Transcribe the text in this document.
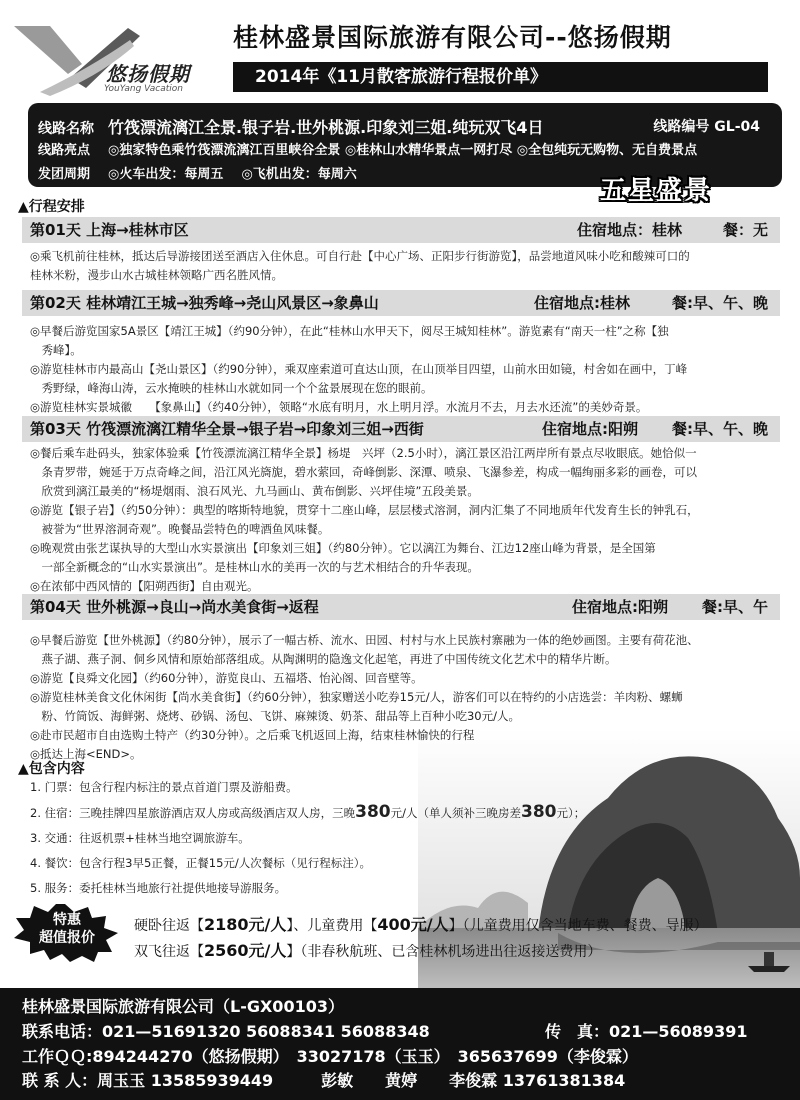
悠扬假期
YouYang Vacation
桂林盛景国际旅游有限公司--悠扬假期
2014年《11月散客旅游行程报价单》
线路名称 竹筏漂流漓江全景.银子岩.世外桃源.印象刘三姐.纯玩双飞4日	线路编号 GL-04
线路亮点 ◎独家特色乘竹筏漂流漓江百里峡谷全景 ◎桂林山水精华景点一网打尽 ◎全包纯玩无购物、无自费景点
发团周期 ◎火车出发：每周五 ◎飞机出发：每周六
五星盛景
▲行程安排
第01天 上海→桂林市区	住宿地点：桂林	餐：无
◎乘飞机前往桂林，抵达后导游接团送至酒店入住休息。可自行赴【中心广场、正阳步行街游览】，品尝地道风味小吃和酸辣可口的
桂林米粉，漫步山水古城桂林领略广西名胜风情。
第02天 桂林靖江王城→独秀峰→尧山风景区→象鼻山	住宿地点:桂林	餐:早、午、晚
◎早餐后游览国家5A景区【靖江王城】（约90分钟），在此“桂林山水甲天下，阅尽王城知桂林”。游览素有“南天一柱”之称【独
　秀峰】。
◎游览桂林市内最高山【尧山景区】（约90分钟），乘双座索道可直达山顶，在山顶举目四望，山前水田如镜，村舍如在画中，丁峰
　秀野绿，峰海山涛，云水掩映的桂林山水就如同一个个盆景展现在您的眼前。
◎游览桂林实景城徽　　【象鼻山】（约40分钟），领略“水底有明月，水上明月浮。水流月不去，月去水还流”的美妙奇景。
第03天 竹筏漂流漓江精华全景→银子岩→印象刘三姐→西街	住宿地点:阳朔 餐:早、午、晚
◎餐后乘车赴码头，独家体验乘【竹筏漂流漓江精华全景】杨堤　兴坪（2.5小时），漓江景区沿江两岸所有景点尽收眼底。她恰似一
　条青罗带，婉延于万点奇峰之间，沿江风光旖旎，碧水萦回，奇峰倒影、深潭、喷泉、飞瀑参差，构成一幅绚丽多彩的画卷，可以
　欣赏到漓江最美的“杨堤烟雨、浪石风光、九马画山、黄布倒影、兴坪佳境”五段美景。
◎游览【银子岩】（约50分钟）：典型的喀斯特地貌，贯穿十二座山峰，层层楼式溶洞，洞内汇集了不同地质年代发育生长的钟乳石，
　被誉为“世界溶洞奇观”。晚餐品尝特色的啤酒鱼风味餐。
◎晚观赏由张艺谋执导的大型山水实景演出【印象刘三姐】（约80分钟）。它以漓江为舞台、江边12座山峰为背景，是全国第
　一部全新概念的“山水实景演出”。是桂林山水的美再一次的与艺术相结合的升华表现。
◎在浓郁中西风情的【阳朔西街】自由观光。
第04天 世外桃源→良山→尚水美食街→返程	住宿地点:阳朔 餐:早、午
◎早餐后游览【世外桃源】（约80分钟），展示了一幅古桥、流水、田园、村村与水上民族村寨融为一体的绝妙画图。主要有荷花池、
　燕子湖、燕子洞、侗乡风情和原始部落组成。从陶渊明的隐逸文化起笔，再进了中国传统文化艺术中的精华片断。
◎游览【良舜文化园】（约60分钟），游览良山、五福塔、怡沁阁、回音壁等。
◎游览桂林美食文化休闲街【尚水美食街】（约60分钟），独家赠送小吃券15元/人，游客们可以在特约的小店选尝：羊肉粉、螺蛳
　粉、竹筒饭、海鲜粥、烧烤、砂锅、汤包、飞饼、麻辣烫、奶茶、甜品等上百种小吃30元/人。
◎赴市民超市自由选购土特产（约30分钟）。之后乘飞机返回上海，结束桂林愉快的行程
◎抵达上海<END>。
▲包含内容
1. 门票：包含行程内标注的景点首道门票及游船费。
2. 住宿：三晚挂牌四星旅游酒店双人房或高级酒店双人房，三晚380元/人（单人须补三晚房差380元）；
3. 交通：往返机票+桂林当地空调旅游车。
4. 餐饮：包含行程3早5正餐，正餐15元/人次餐标（见行程标注）。
5. 服务：委托桂林当地旅行社提供地接导游服务。
特惠
超值报价
硬卧往返【2180元/人】、儿童费用【400元/人】（儿童费用仅含当地车费、餐费、导服）
双飞往返【2560元/人】（非春秋航班、已含桂林机场进出往返接送费用）
桂林盛景国际旅游有限公司（L-GX00103）
联系电话：021—51691320 56088341 56088348	传　真：021—56089391
工作ＱＱ:894244270（悠扬假期）　33027178（玉玉）　365637699（李俊霖）
联 系 人：周玉玉 13585939449　　　彭敏　　黄婷　　李俊霖 13761381384
